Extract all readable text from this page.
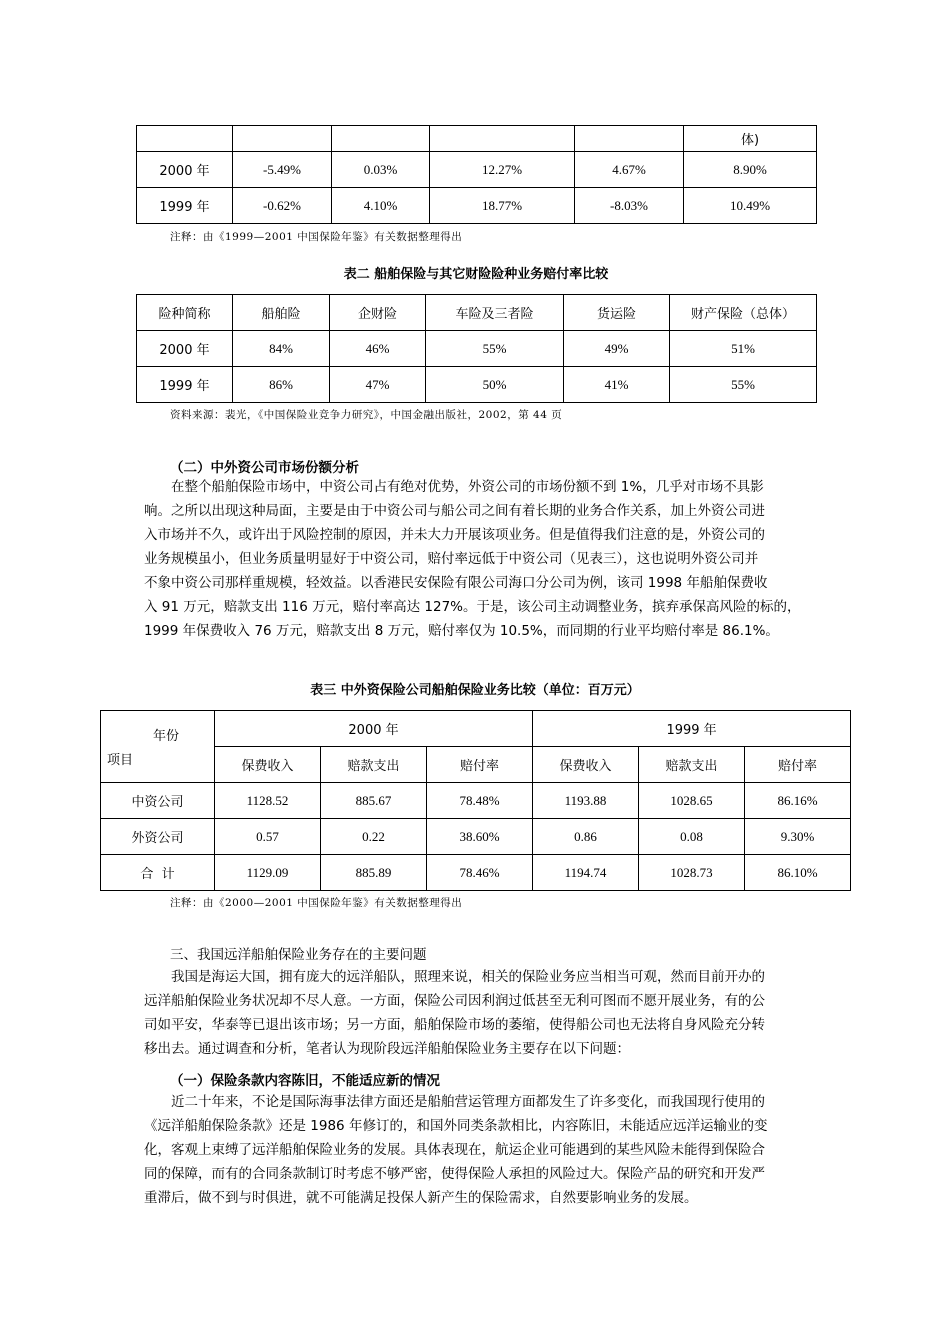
					体)
2000 年	-5.49%	0.03%	12.27%	4.67%	8.90%
1999 年	-0.62%	4.10%	18.77%	-8.03%	10.49%
注释：由《1999—2001 中国保险年鉴》有关数据整理得出
表二 船舶保险与其它财险险种业务赔付率比较
险种简称	船舶险	企财险	车险及三者险	货运险	财产保险（总体）
2000 年	84%	46%	55%	49%	51%
1999 年	86%	47%	50%	41%	55%
资料来源：裴光，《中国保险业竞争力研究》，中国金融出版社，2002，第 44 页
（二）中外资公司市场份额分析
在整个船舶保险市场中，中资公司占有绝对优势，外资公司的市场份额不到 1%，几乎对市场不具影
响。之所以出现这种局面，主要是由于中资公司与船公司之间有着长期的业务合作关系，加上外资公司进
入市场并不久，或许出于风险控制的原因，并未大力开展该项业务。但是值得我们注意的是，外资公司的
业务规模虽小，但业务质量明显好于中资公司，赔付率远低于中资公司（见表三），这也说明外资公司并
不象中资公司那样重规模，轻效益。以香港民安保险有限公司海口分公司为例，该司 1998 年船舶保费收
入 91 万元，赔款支出 116 万元，赔付率高达 127%。于是，该公司主动调整业务，摈弃承保高风险的标的，
1999 年保费收入 76 万元，赔款支出 8 万元，赔付率仅为 10.5%，而同期的行业平均赔付率是 86.1%。
表三 中外资保险公司船舶保险业务比较（单位：百万元）
年份
项目	2000 年			1999 年		
	保费收入	赔款支出	赔付率	保费收入	赔款支出	赔付率
中资公司	1128.52	885.67	78.48%	1193.88	1028.65	86.16%
外资公司	0.57	0.22	38.60%	0.86	0.08	9.30%
合  计	1129.09	885.89	78.46%	1194.74	1028.73	86.10%
注释：由《2000—2001 中国保险年鉴》有关数据整理得出
三、我国远洋船舶保险业务存在的主要问题
我国是海运大国，拥有庞大的远洋船队，照理来说，相关的保险业务应当相当可观，然而目前开办的
远洋船舶保险业务状况却不尽人意。一方面，保险公司因利润过低甚至无利可图而不愿开展业务，有的公
司如平安，华泰等已退出该市场；另一方面，船舶保险市场的萎缩，使得船公司也无法将自身风险充分转
移出去。通过调查和分析，笔者认为现阶段远洋船舶保险业务主要存在以下问题：
（一）保险条款内容陈旧，不能适应新的情况
近二十年来，不论是国际海事法律方面还是船舶营运管理方面都发生了许多变化，而我国现行使用的
《远洋船舶保险条款》还是 1986 年修订的，和国外同类条款相比，内容陈旧，未能适应远洋运输业的变
化，客观上束缚了远洋船舶保险业务的发展。具体表现在，航运企业可能遇到的某些风险未能得到保险合
同的保障，而有的合同条款制订时考虑不够严密，使得保险人承担的风险过大。保险产品的研究和开发严
重滞后，做不到与时俱进，就不可能满足投保人新产生的保险需求，自然要影响业务的发展。
